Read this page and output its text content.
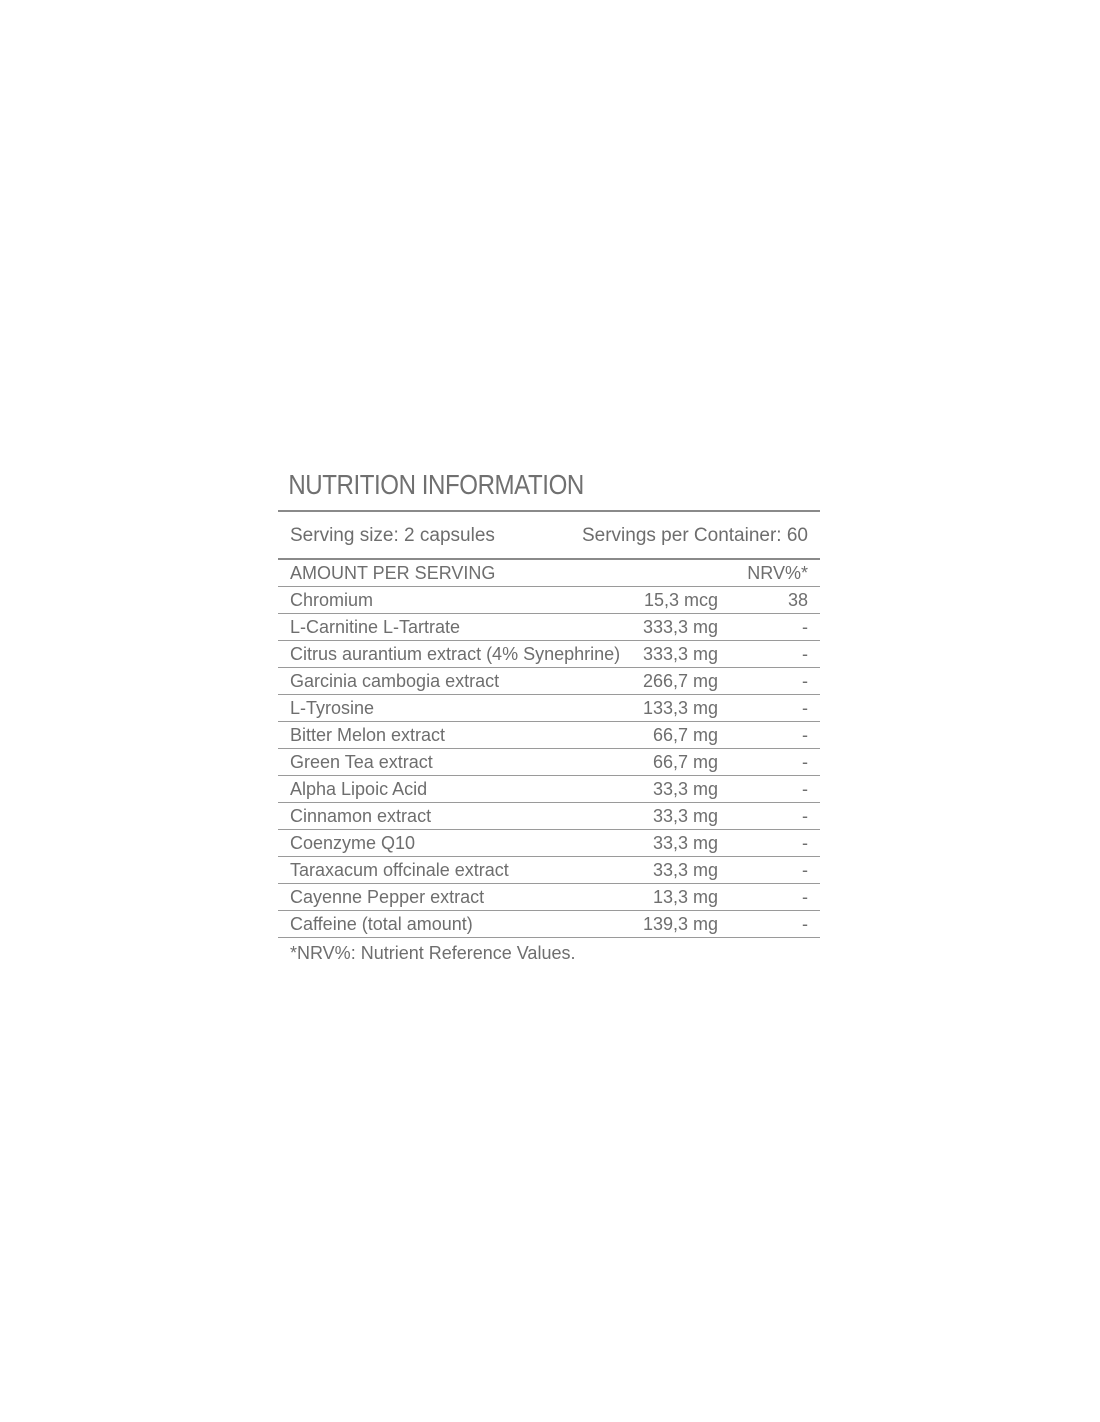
NUTRITION INFORMATION
Serving size: 2 capsules	Servings per Container: 60
AMOUNT PER SERVING		NRV%*
Chromium	15,3 mcg	38
L-Carnitine L-Tartrate	333,3 mg	-
Citrus aurantium extract (4% Synephrine)	333,3 mg	-
Garcinia cambogia extract	266,7 mg	-
L-Tyrosine	133,3 mg	-
Bitter Melon extract	66,7 mg	-
Green Tea extract	66,7 mg	-
Alpha Lipoic Acid	33,3 mg	-
Cinnamon extract	33,3 mg	-
Coenzyme Q10	33,3 mg	-
Taraxacum offcinale extract	33,3 mg	-
Cayenne Pepper extract	13,3 mg	-
Caffeine (total amount)	139,3 mg	-
*NRV%: Nutrient Reference Values.
